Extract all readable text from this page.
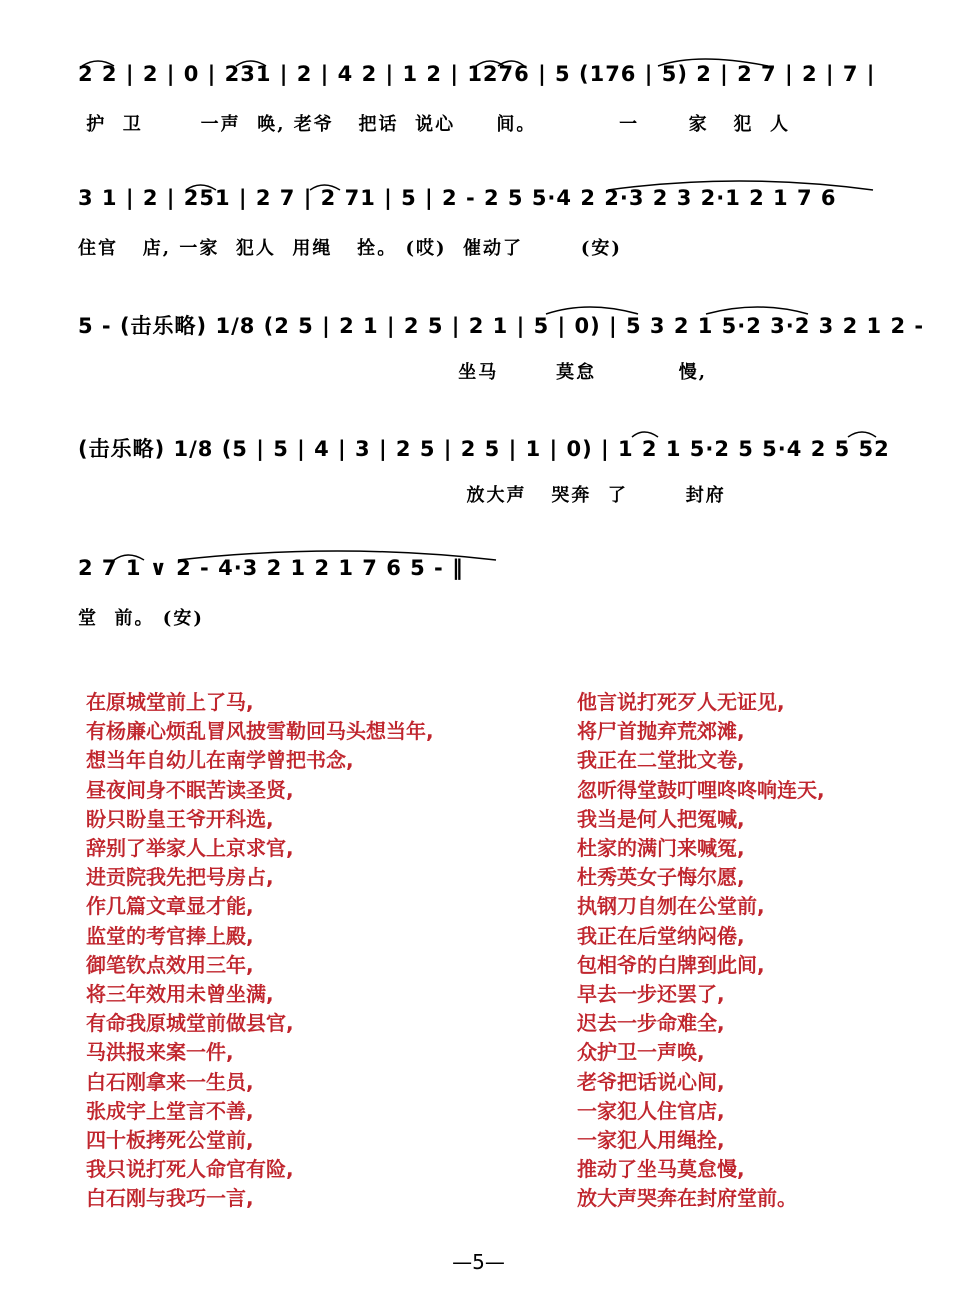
2 2 | 2 | 0 | 231 | 2 | 4 2 | 1 2 | 1276 | 5 (176 | 5) 2 | 2 7 | 2 | 7 |
护  卫       一声  唤, 老爷   把话  说心     间。          一      家   犯  人
3 1 | 2 | 251 | 2 7 | 2 71 | 5 | 2 - 2 5 5·4 2 2·3 2 3 2·1 2 1 7 6
住官   店, 一家  犯人  用绳   拴。 (哎)  催动了       (安)
5 - (击乐略) 1/8 (2 5 | 2 1 | 2 5 | 2 1 | 5 | 0) | 5 3 2 1 5·2 3·2 3 2 1 2 -
坐马       莫怠          慢,
(击乐略) 1/8 (5 | 5 | 4 | 3 | 2 5 | 2 5 | 1 | 0) | 1 2 1 5·2 5 5·4 2 5 52
放大声   哭奔  了       封府
2 7 1 ∨ 2 - 4·3 2 1 2 1 7 6 5 - ‖
堂  前。 (安)
在原城堂前上了马,
有杨廉心烦乱冒风披雪勒回马头想当年,
想当年自幼儿在南学曾把书念,
昼夜间身不眠苦读圣贤,
盼只盼皇王爷开科选,
辞别了举家人上京求官,
进贡院我先把号房占,
作几篇文章显才能,
监堂的考官捧上殿,
御笔钦点效用三年,
将三年效用未曾坐满,
有命我原城堂前做县官,
马洪报来案一件,
白石刚拿来一生员,
张成宇上堂言不善,
四十板拷死公堂前,
我只说打死人命官有险,
白石刚与我巧一言,
他言说打死歹人无证见,
将尸首抛弃荒郊滩,
我正在二堂批文卷,
忽听得堂鼓叮哩咚咚响连天,
我当是何人把冤喊,
杜家的满门来喊冤,
杜秀英女子悔尔愿,
执钢刀自刎在公堂前,
我正在后堂纳闷倦,
包相爷的白牌到此间,
早去一步还罢了,
迟去一步命难全,
众护卫一声唤,
老爷把话说心间,
一家犯人住官店,
一家犯人用绳拴,
推动了坐马莫怠慢,
放大声哭奔在封府堂前。
—5—
